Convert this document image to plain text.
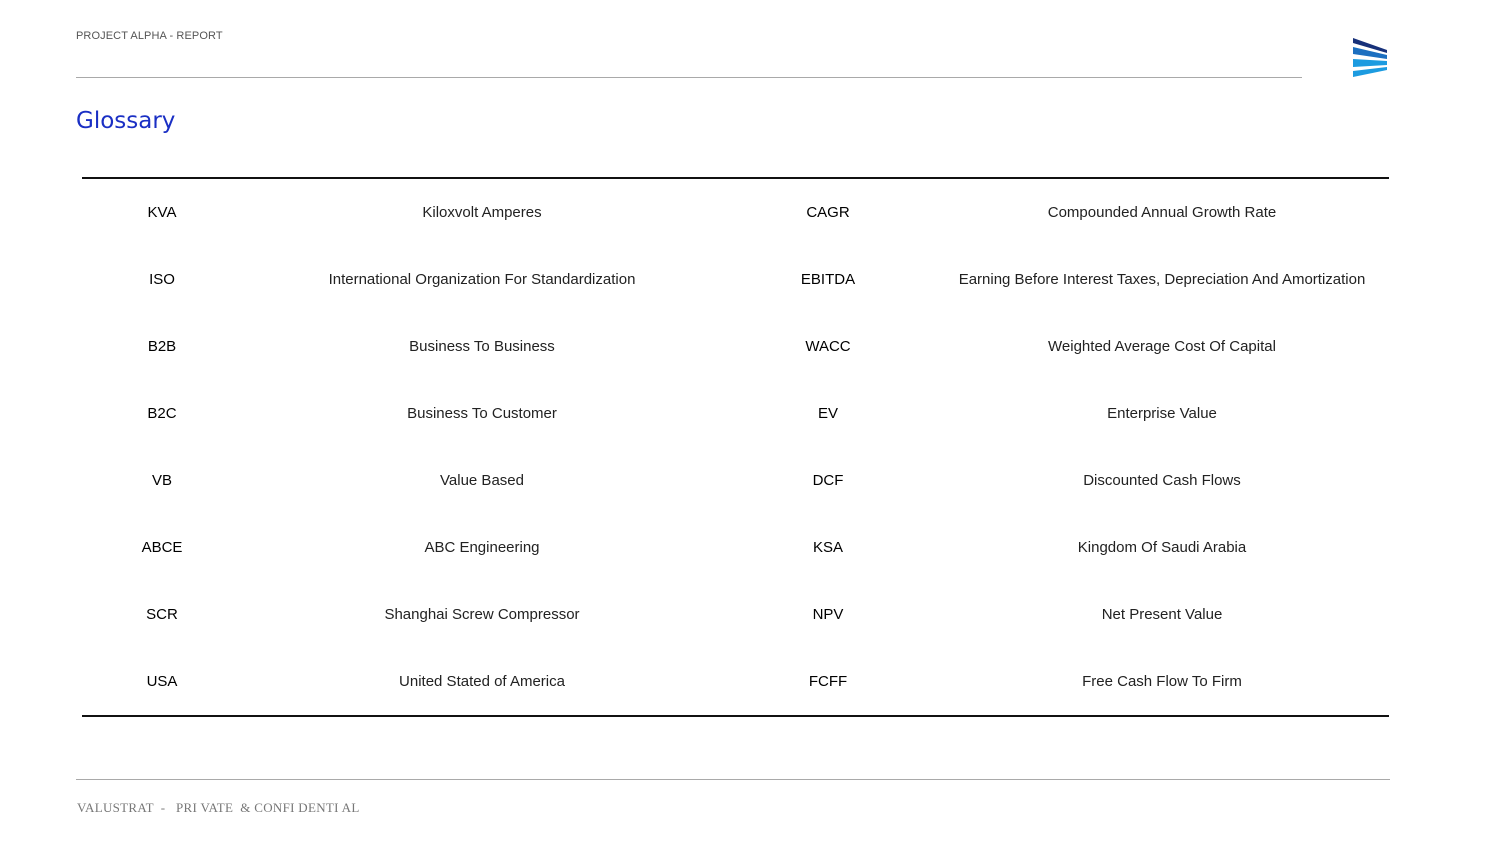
PROJECT ALPHA - REPORT
Glossary
KVA	Kiloxvolt Amperes	CAGR	Compounded Annual Growth Rate
ISO	International Organization For Standardization	EBITDA	Earning Before Interest Taxes, Depreciation And Amortization
B2B	Business To Business	WACC	Weighted Average Cost Of Capital
B2C	Business To Customer	EV	Enterprise Value
VB	Value Based	DCF	Discounted Cash Flows
ABCE	ABC Engineering	KSA	Kingdom Of Saudi Arabia
SCR	Shanghai Screw Compressor	NPV	Net Present Value
USA	United Stated of America	FCFF	Free Cash Flow To Firm
VALUSTRAT  -   PRI VATE  & CONFI DENTI AL
